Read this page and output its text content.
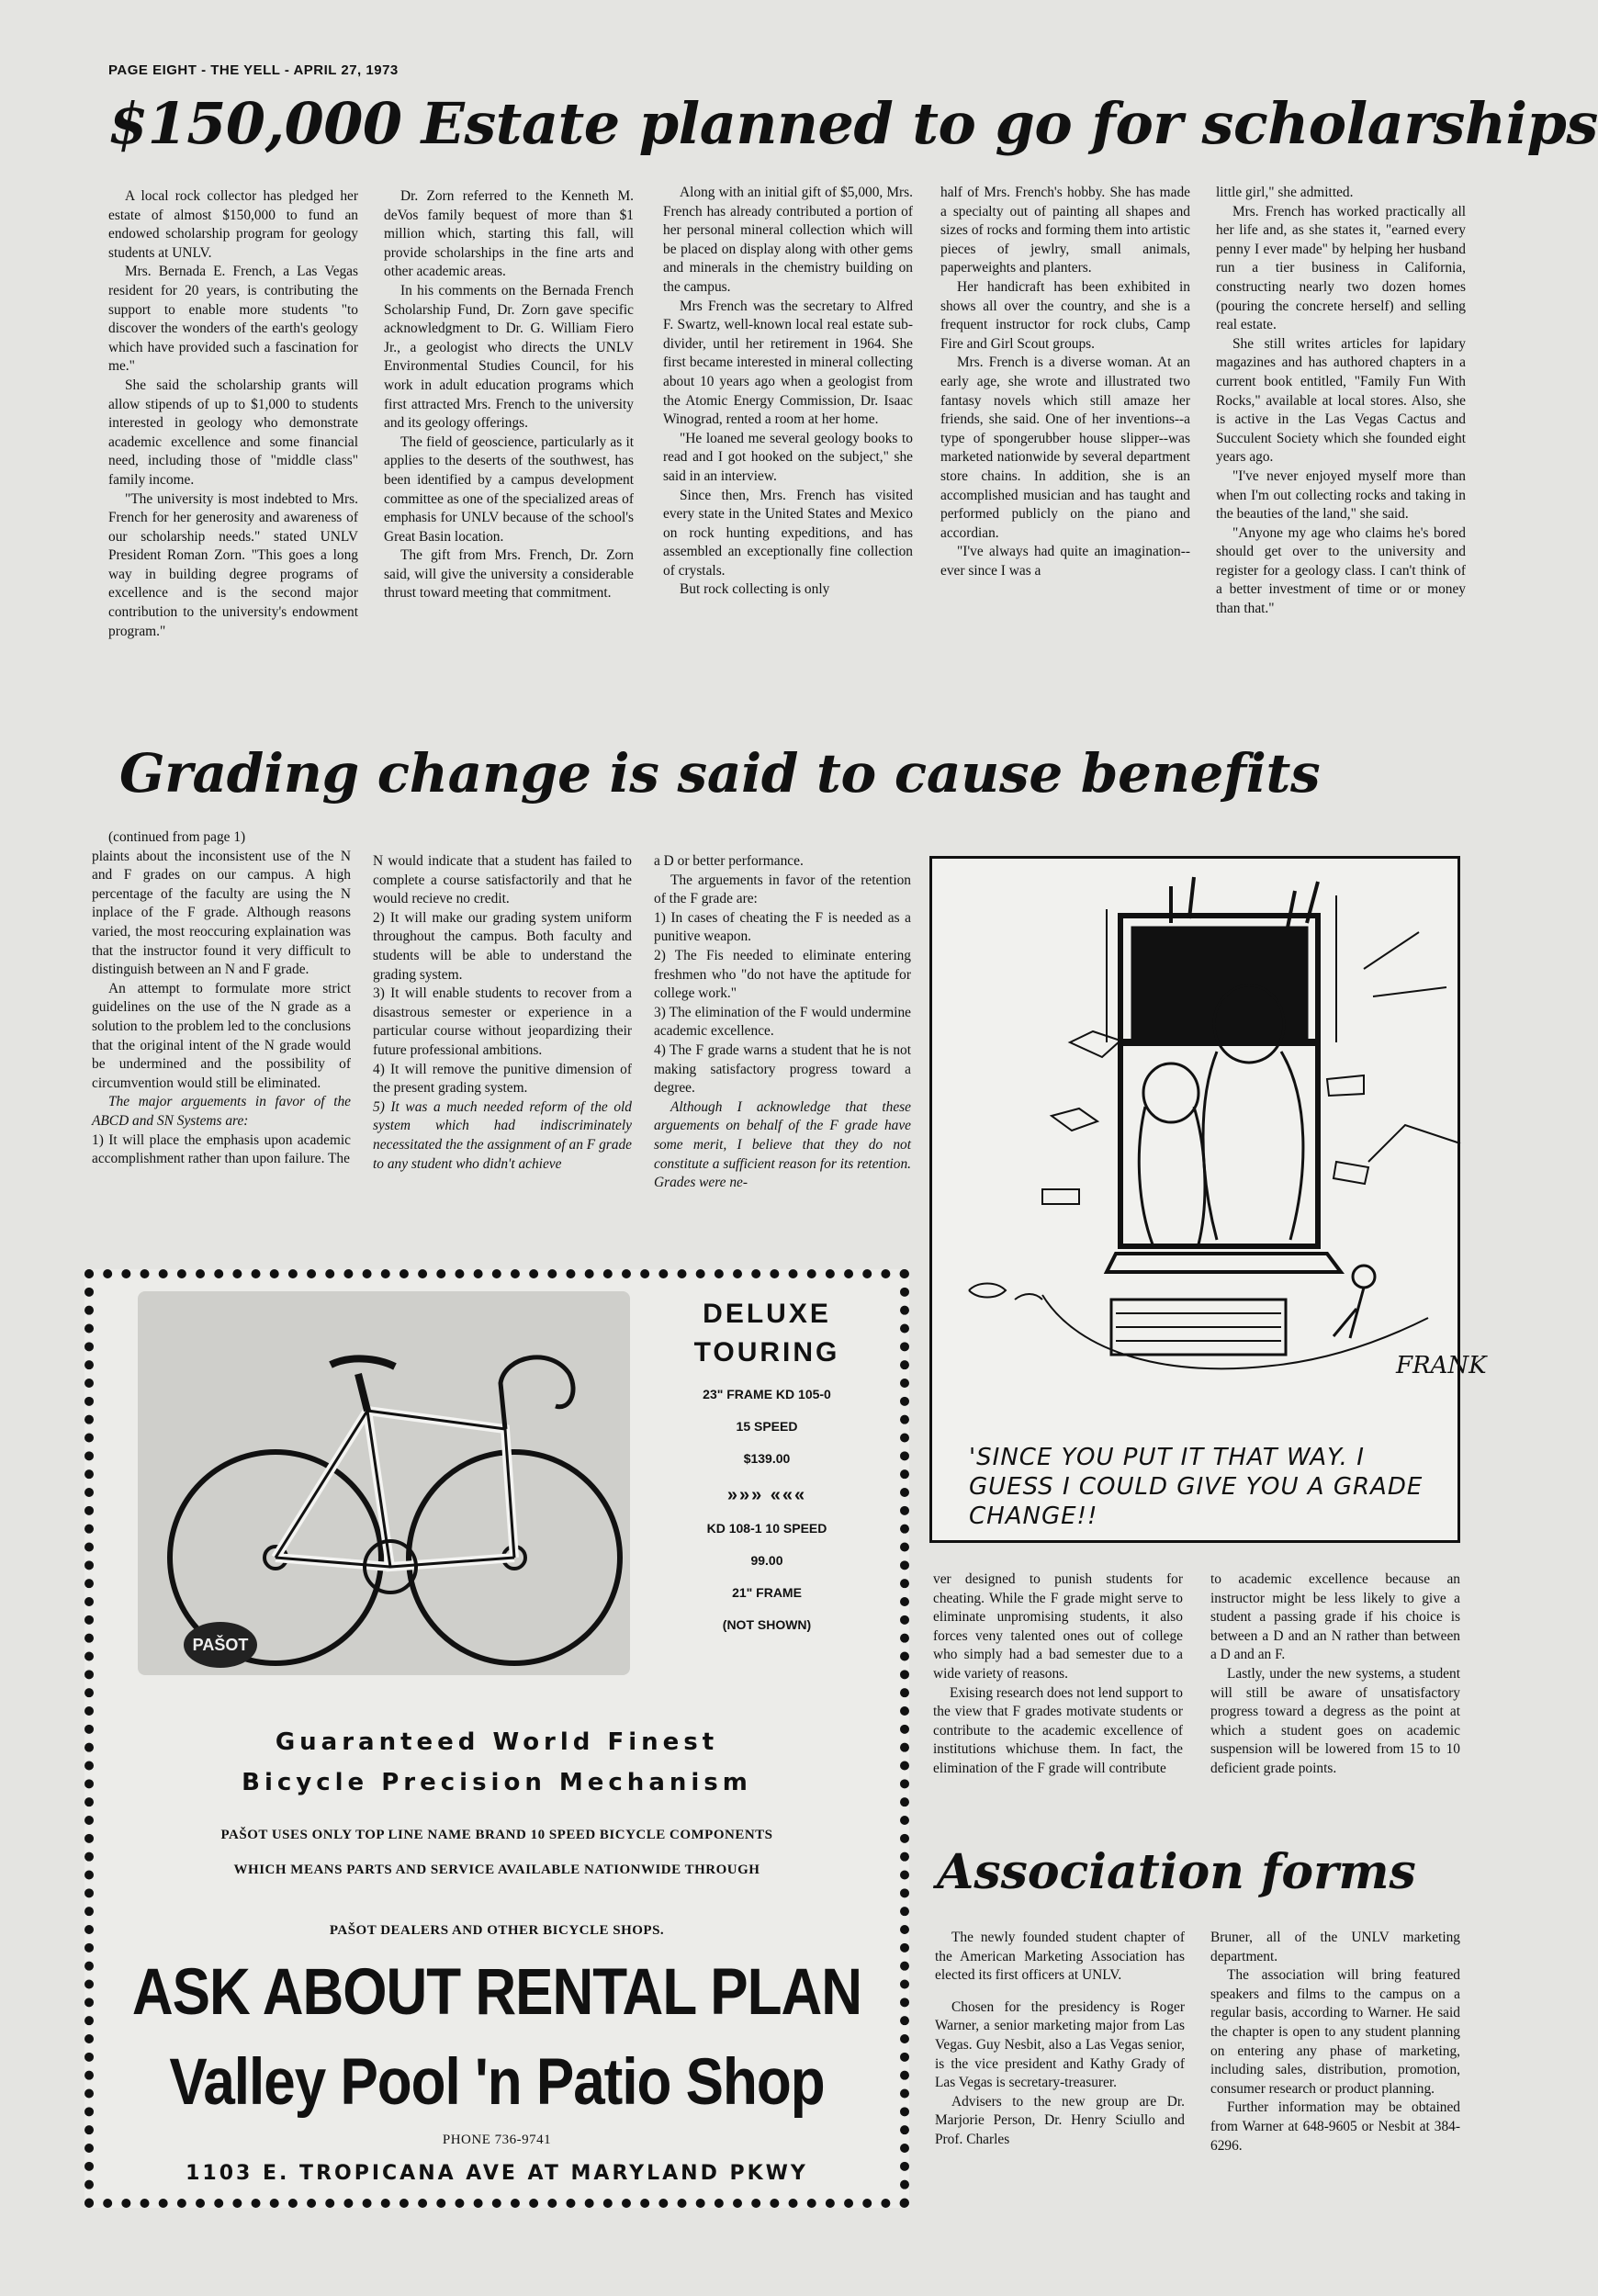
PAGE EIGHT - THE YELL - APRIL 27, 1973
$150,000 Estate planned to go for scholarships

A local rock collector has pledged her estate of almost $150,000 to fund an endowed scholarship program for geology students at UNLV.

Mrs. Bernada E. French, a Las Vegas resident for 20 years, is contributing the support to enable more students "to discover the wonders of the earth's geology which have provided such a fascination for me."

She said the scholarship grants will allow stipends of up to $1,000 to students interested in geology who demonstrate academic excellence and some financial need, including those of "middle class" family income.

"The university is most indebted to Mrs. French for her generosity and awareness of our scholarship needs." stated UNLV President Roman Zorn. "This goes a long way in building degree programs of excellence and is the second major contribution to the university's endowment program."

Dr. Zorn referred to the Kenneth M. deVos family bequest of more than $1 million which, starting this fall, will provide scholarships in the fine arts and other academic areas.

In his comments on the Bernada French Scholarship Fund, Dr. Zorn gave specific acknowledgment to Dr. G. William Fiero Jr., a geologist who directs the UNLV Environmental Studies Council, for his work in adult education programs which first attracted Mrs. French to the university and its geology offerings.

The field of geoscience, particularly as it applies to the deserts of the southwest, has been identified by a campus development committee as one of the specialized areas of emphasis for UNLV because of the school's Great Basin location.

The gift from Mrs. French, Dr. Zorn said, will give the university a considerable thrust toward meeting that commitment.

Along with an initial gift of $5,000, Mrs. French has already contributed a portion of her personal mineral collection which will be placed on display along with other gems and minerals in the chemistry building on the campus.

Mrs French was the secretary to Alfred F. Swartz, well-known local real estate sub-divider, until her retirement in 1964. She first became interested in mineral collecting about 10 years ago when a geologist from the Atomic Energy Commission, Dr. Isaac Winograd, rented a room at her home.

"He loaned me several geology books to read and I got hooked on the subject," she said in an interview.

Since then, Mrs. French has visited every state in the United States and Mexico on rock hunting expeditions, and has assembled an exceptionally fine collection of crystals.

But rock collecting is only

half of Mrs. French's hobby. She has made a specialty out of painting all shapes and sizes of rocks and forming them into artistic pieces of jewlry, small animals, paperweights and planters.

Her handicraft has been exhibited in shows all over the country, and she is a frequent instructor for rock clubs, Camp Fire and Girl Scout groups.

Mrs. French is a diverse woman. At an early age, she wrote and illustrated two fantasy novels which still amaze her friends, she said. One of her inventions--a type of spongerubber house slipper--was marketed nationwide by several department store chains. In addition, she is an accomplished musician and has taught and performed publicly on the piano and accordian.

"I've always had quite an imagination--ever since I was a

little girl," she admitted.

Mrs. French has worked practically all her life and, as she states it, "earned every penny I ever made" by helping her husband run a tier business in California, constructing nearly two dozen homes (pouring the concrete herself) and selling real estate.

She still writes articles for lapidary magazines and has authored chapters in a current book entitled, "Family Fun With Rocks," available at local stores. Also, she is active in the Las Vegas Cactus and Succulent Society which she founded eight years ago.

"I've never enjoyed myself more than when I'm out collecting rocks and taking in the beauties of the land," she said.

"Anyone my age who claims he's bored should get over to the university and register for a geology class. I can't think of a better investment of time or or money than that."

Grading change is said to cause benefits

(continued from page 1)

plaints about the inconsistent use of the N and F grades on our campus. A high percentage of the faculty are using the N inplace of the F grade. Although reasons varied, the most reoccuring explaination was that the instructor found it very difficult to distinguish between an N and F grade.

An attempt to formulate more strict guidelines on the use of the N grade as a solution to the problem led to the conclusions that the original intent of the N grade would be undermined and the possibility of circumvention would still be eliminated.

The major arguements in favor of the ABCD and SN Systems are:

1) It will place the emphasis upon academic accomplishment rather than upon failure. The

N would indicate that a student has failed to complete a course satisfactorily and that he would recieve no credit.

2) It will make our grading system uniform throughout the campus. Both faculty and students will be able to understand the grading system.

3) It will enable students to recover from a disastrous semester or experience in a particular course without jeopardizing their future professional ambitions.

4) It will remove the punitive dimension of the present grading system.

5) It was a much needed reform of the old system which had indiscriminately necessitated the the assignment of an F grade to any student who didn't achieve

a D or better performance.

The arguements in favor of the retention of the F grade are:

1) In cases of cheating the F is needed as a punitive weapon.

2) The Fis needed to eliminate entering freshmen who "do not have the aptitude for college work."

3) The elimination of the F would undermine academic excellence.

4) The F grade warns a student that he is not making satisfactory progress toward a degree.

Although I acknowledge that these arguements on behalf of the F grade have some merit, I believe that they do not constitute a sufficient reason for its retention. Grades were ne-

FRANK
'SINCE YOU PUT IT THAT WAY. I GUESS I COULD GIVE YOU A GRADE CHANGE!!

ver designed to punish students for cheating. While the F grade might serve to eliminate unpromising students, it also forces veny talented ones out of college who simply had a bad semester due to a wide variety of reasons.

Exising research does not lend support to the view that F grades motivate students or contribute to the academic excellence of institutions whichuse them. In fact, the elimination of the F grade will contribute

to academic excellence because an instructor might be less likely to give a student a passing grade if his choice is between a D and an N rather than between a D and an F.

Lastly, under the new systems, a student will still be aware of unsatisfactory progress toward a degress as the point at which a student goes on academic suspension will be lowered from 15 to 10 deficient grade points.

PAŠOT
DELUXE
TOURING
23" FRAME KD 105-0
15 SPEED
$139.00
»»» «««
KD 108-1 10 SPEED
99.00
21" FRAME
(NOT SHOWN)
Guaranteed World Finest
Bicycle Precision Mechanism
PAŠOT USES ONLY TOP LINE NAME BRAND 10 SPEED BICYCLE COMPONENTS
WHICH MEANS PARTS AND SERVICE AVAILABLE NATIONWIDE THROUGH
PAŠOT DEALERS AND OTHER BICYCLE SHOPS.
ASK ABOUT RENTAL PLAN
Valley Pool 'n Patio Shop
PHONE 736-9741
1103 E. TROPICANA AVE AT MARYLAND PKWY
Association forms

The newly founded student chapter of the American Marketing Association has elected its first officers at UNLV.

Chosen for the presidency is Roger Warner, a senior marketing major from Las Vegas. Guy Nesbit, also a Las Vegas senior, is the vice president and Kathy Grady of Las Vegas is secretary-treasurer.

Advisers to the new group are Dr. Marjorie Person, Dr. Henry Sciullo and Prof. Charles

Bruner, all of the UNLV marketing department.

The association will bring featured speakers and films to the campus on a regular basis, according to Warner. He said the chapter is open to any student planning on entering any phase of marketing, including sales, distribution, promotion, consumer research or product planning.

Further information may be obtained from Warner at 648-9605 or Nesbit at 384-6296.
